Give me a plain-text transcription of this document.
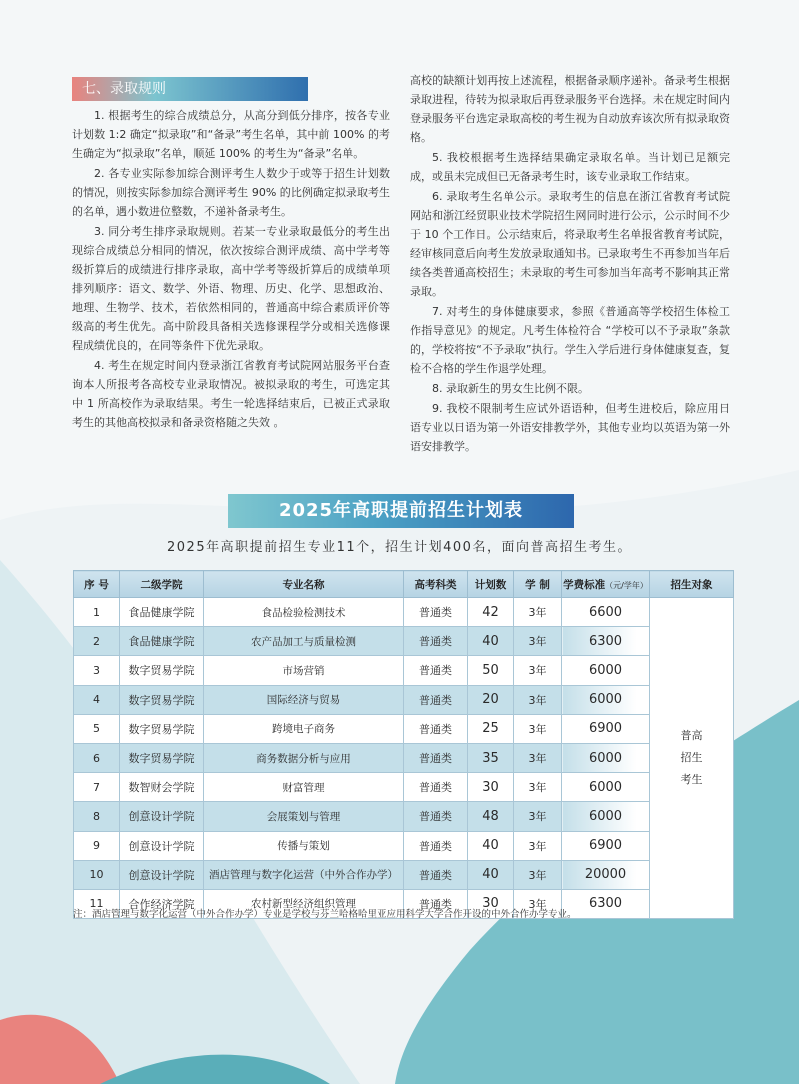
七、录取规则

1. 根据考生的综合成绩总分，从高分到低分排序，按各专业计划数 1:2 确定“拟录取”和“备录”考生名单，其中前 100% 的考生确定为“拟录取”名单，顺延 100% 的考生为“备录”名单。

2. 各专业实际参加综合测评考生人数少于或等于招生计划数的情况，则按实际参加综合测评考生 90% 的比例确定拟录取考生的名单，遇小数进位整数，不递补备录考生。

3. 同分考生排序录取规则。若某一专业录取最低分的考生出现综合成绩总分相同的情况，依次按综合测评成绩、高中学考等级折算后的成绩进行排序录取，高中学考等级折算后的成绩单项排列顺序：语文、数学、外语、物理、历史、化学、思想政治、地理、生物学、技术，若依然相同的，普通高中综合素质评价等级高的考生优先。高中阶段具备相关选修课程学分或相关选修课程成绩优良的，在同等条件下优先录取。

4. 考生在规定时间内登录浙江省教育考试院网站服务平台查询本人所报考各高校专业录取情况。被拟录取的考生，可选定其中 1 所高校作为录取结果。考生一轮选择结束后，已被正式录取考生的其他高校拟录和备录资格随之失效 。

高校的缺额计划再按上述流程，根据备录顺序递补。备录考生根据录取进程，待转为拟录取后再登录服务平台选择。未在规定时间内登录服务平台选定录取高校的考生视为自动放弃该次所有拟录取资格。

5. 我校根据考生选择结果确定录取名单。当计划已足额完成，或虽未完成但已无备录考生时，该专业录取工作结束。

6. 录取考生名单公示。录取考生的信息在浙江省教育考试院网站和浙江经贸职业技术学院招生网同时进行公示，公示时间不少于 10 个工作日。公示结束后，将录取考生名单报省教育考试院，经审核同意后向考生发放录取通知书。已录取考生不再参加当年后续各类普通高校招生；未录取的考生可参加当年高考不影响其正常录取。

7. 对考生的身体健康要求，参照《普通高等学校招生体检工作指导意见》的规定。凡考生体检符合 “学校可以不予录取”条款的，学校将按“不予录取”执行。学生入学后进行身体健康复查，复检不合格的学生作退学处理。

8. 录取新生的男女生比例不限。

9. 我校不限制考生应试外语语种，但考生进校后，除应用日语专业以日语为第一外语安排教学外，其他专业均以英语为第一外语安排教学。

2025年高职提前招生计划表
2025年高职提前招生专业11个，招生计划400名，面向普高招生考生。
序 号	二级学院	专业名称	高考科类	计划数	学 制	学费标准（元/学年）	招生对象
1	食品健康学院	食品检验检测技术	普通类	42	3年	6600	普高
招生
考生

2	食品健康学院	农产品加工与质量检测	普通类	40	3年	6300	
3	数字贸易学院	市场营销	普通类	50	3年	6000	
4	数字贸易学院	国际经济与贸易	普通类	20	3年	6000	
5	数字贸易学院	跨境电子商务	普通类	25	3年	6900	
6	数字贸易学院	商务数据分析与应用	普通类	35	3年	6000	
7	数智财会学院	财富管理	普通类	30	3年	6000	
8	创意设计学院	会展策划与管理	普通类	48	3年	6000	
9	创意设计学院	传播与策划	普通类	40	3年	6900	
10	创意设计学院	酒店管理与数字化运营（中外合作办学）	普通类	40	3年	20000	
11	合作经济学院	农村新型经济组织管理	普通类	30	3年	6300	
注：酒店管理与数字化运营（中外合作办学）专业是学校与芬兰哈格哈里亚应用科学大学合作开设的中外合作办学专业。
